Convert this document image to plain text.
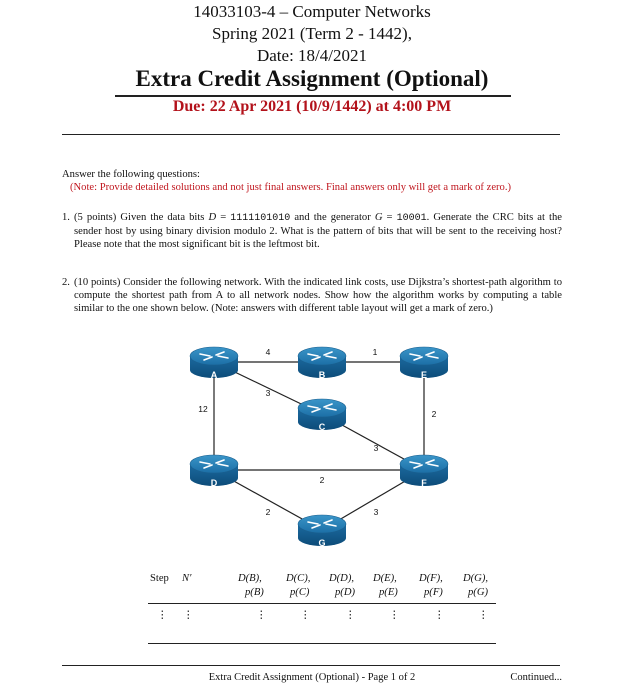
14033103-4 – Computer Networks
Spring 2021 (Term 2 - 1442),
Date: 18/4/2021
Extra Credit Assignment (Optional)
Due: 22 Apr 2021 (10/9/1442) at 4:00 PM
Answer the following questions:
(Note: Provide detailed solutions and not just final answers. Final answers only will get a mark of zero.)
1. (5 points) Given the data bits D = 1111101010 and the generator G = 10001. Generate the CRC bits at the sender host by using binary division modulo 2. What is the pattern of bits that will be sent to the receiving host? Please note that the most significant bit is the leftmost bit.
2. (10 points) Consider the following network. With the indicated link costs, use Dijkstra’s shortest-path algorithm to compute the shortest path from A to all network nodes. Show how the algorithm works by computing a table similar to the one shown below. (Note: answers with different table layout will get a mark of zero.)
4	1
3
12	2
3
2
2	3
A	B	E
C
D	F
G
Step N′	D(B), D(C), D(D), D(E), D(F), D(G),
p(B) p(C) p(D) p(E) p(F) p(G)
⋮ ⋮	⋮	⋮	⋮	⋮	⋮	⋮
Extra Credit Assignment (Optional) - Page 1 of 2	Continued...
